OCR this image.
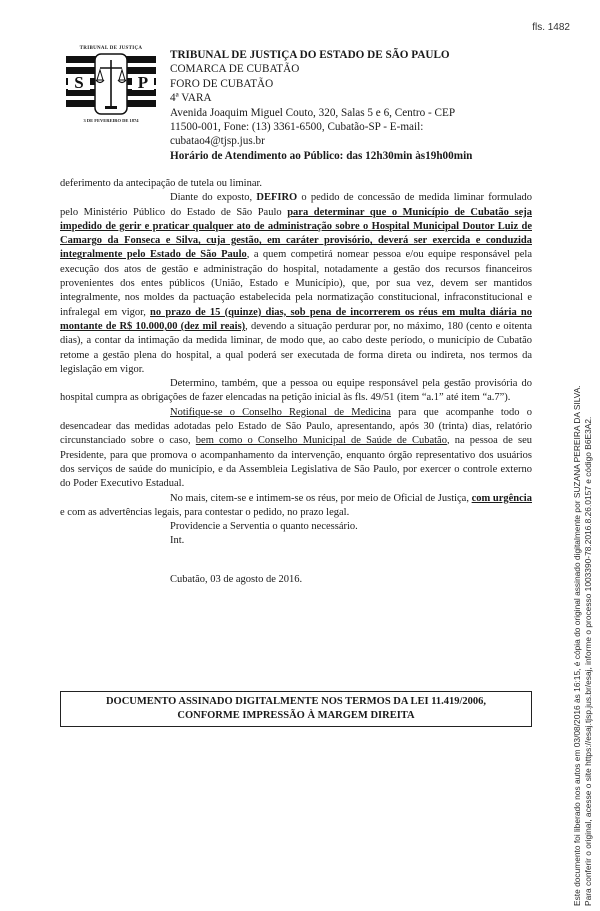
fls. 1482
TRIBUNAL DE JUSTIÇA
S	P
3 DE FEVEREIRO DE 1874
TRIBUNAL DE JUSTIÇA DO ESTADO DE SÃO PAULO
COMARCA DE CUBATÃO
FORO DE CUBATÃO
4ª VARA
Avenida Joaquim Miguel Couto, 320, Salas 5 e 6, Centro - CEP
11500-001, Fone: (13) 3361-6500, Cubatão-SP - E-mail:
cubatao4@tjsp.jus.br
Horário de Atendimento ao Público: das 12h30min às19h00min

deferimento da antecipação de tutela ou liminar.

Diante do exposto, DEFIRO o pedido de concessão de medida liminar formulado pelo Ministério Público do Estado de São Paulo para determinar que o Município de Cubatão seja impedido de gerir e praticar qualquer ato de administração sobre o Hospital Municipal Doutor Luiz de Camargo da Fonseca e Silva, cuja gestão, em caráter provisório, deverá ser exercida e conduzida integralmente pelo Estado de São Paulo, a quem competirá nomear pessoa e/ou equipe responsável pela execução dos atos de gestão e administração do hospital, notadamente a gestão dos recursos financeiros provenientes dos entes públicos (União, Estado e Município), que, por sua vez, devem ser mantidos integralmente, nos moldes da pactuação estabelecida pela normatização constitucional, infraconstitucional e infralegal em vigor, no prazo de 15 (quinze) dias, sob pena de incorrerem os réus em multa diária no montante de R$ 10.000,00 (dez mil reais), devendo a situação perdurar por, no máximo, 180 (cento e oitenta dias), a contar da intimação da medida liminar, de modo que, ao cabo deste período, o município de Cubatão retome a gestão plena do hospital, a qual poderá ser executada de forma direta ou indireta, nos termos da legislação em vigor.

Determino, também, que a pessoa ou equipe responsável pela gestão provisória do hospital cumpra as obrigações de fazer elencadas na petição inicial às fls. 49/51 (item “a.1” até item “a.7”).

Notifique-se o Conselho Regional de Medicina para que acompanhe todo o desencadear das medidas adotadas pelo Estado de São Paulo, apresentando, após 30 (trinta) dias, relatório circunstanciado sobre o caso, bem como o Conselho Municipal de Saúde de Cubatão, na pessoa de seu Presidente, para que promova o acompanhamento da intervenção, enquanto órgão representativo dos usuários dos serviços de saúde do município, e da Assembleia Legislativa de São Paulo, por exercer o controle externo do Poder Executivo Estadual.

No mais, citem-se e intimem-se os réus, por meio de Oficial de Justiça, com urgência e com as advertências legais, para contestar o pedido, no prazo legal.

Providencie a Serventia o quanto necessário.

Int.

Cubatão, 03 de agosto de 2016.

DOCUMENTO ASSINADO DIGITALMENTE NOS TERMOS DA LEI 11.419/2006,
CONFORME IMPRESSÃO À MARGEM DIREITA	Este documento foi liberado nos autos em 03/08/2016 às 16:15, é cópia do original assinado digitalmente por SUZANA PEREIRA DA SILVA. Para conferir o original, acesse o site https://esaj.tjsp.jus.br/esaj, informe o processo 1003390-78.2016.8.26.0157 e código B6E3A2.
